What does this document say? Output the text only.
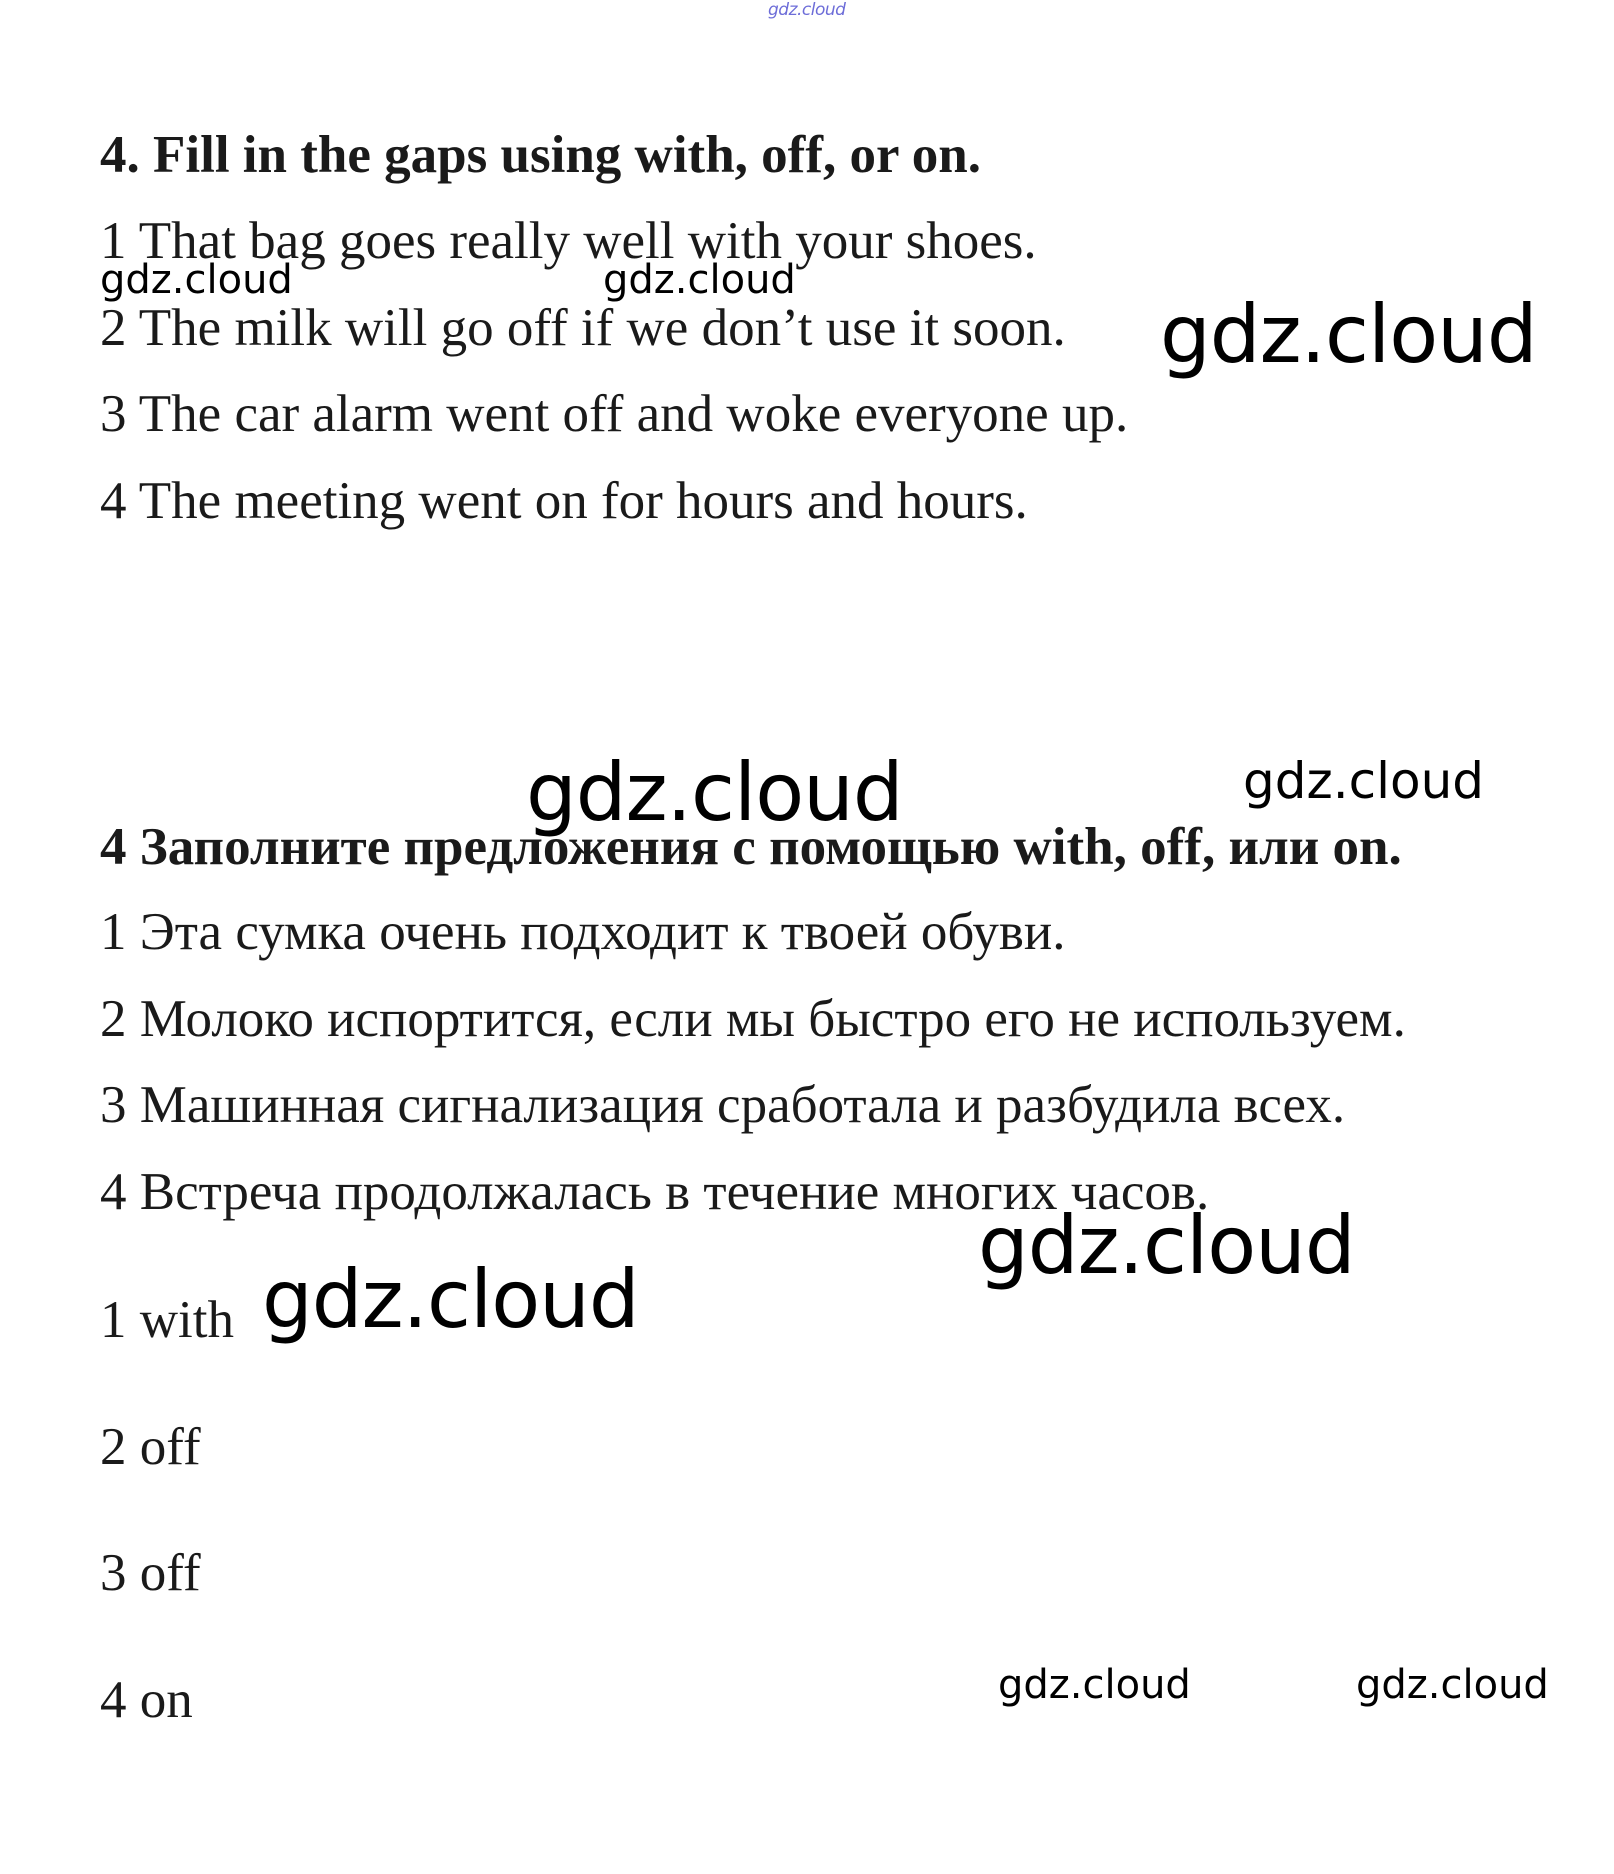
gdz.cloud
4. Fill in the gaps using with, off, or on.
1 That bag goes really well with your shoes.
2 The milk will go off if we don’t use it soon.
3 The car alarm went off and woke everyone up.
4 The meeting went on for hours and hours.
4 Заполните предложения с помощью with, off, или on.
1 Эта сумка очень подходит к твоей обуви.
2 Молоко испортится, если мы быстро его не используем.
3 Машинная сигнализация сработала и разбудила всех.
4 Встреча продолжалась в течение многих часов.
1 with
2 off
3 off
4 on
gdz.cloud	gdz.cloud
gdz.cloud
gdz.cloud	gdz.cloud
gdz.cloud
gdz.cloud
gdz.cloud	gdz.cloud
